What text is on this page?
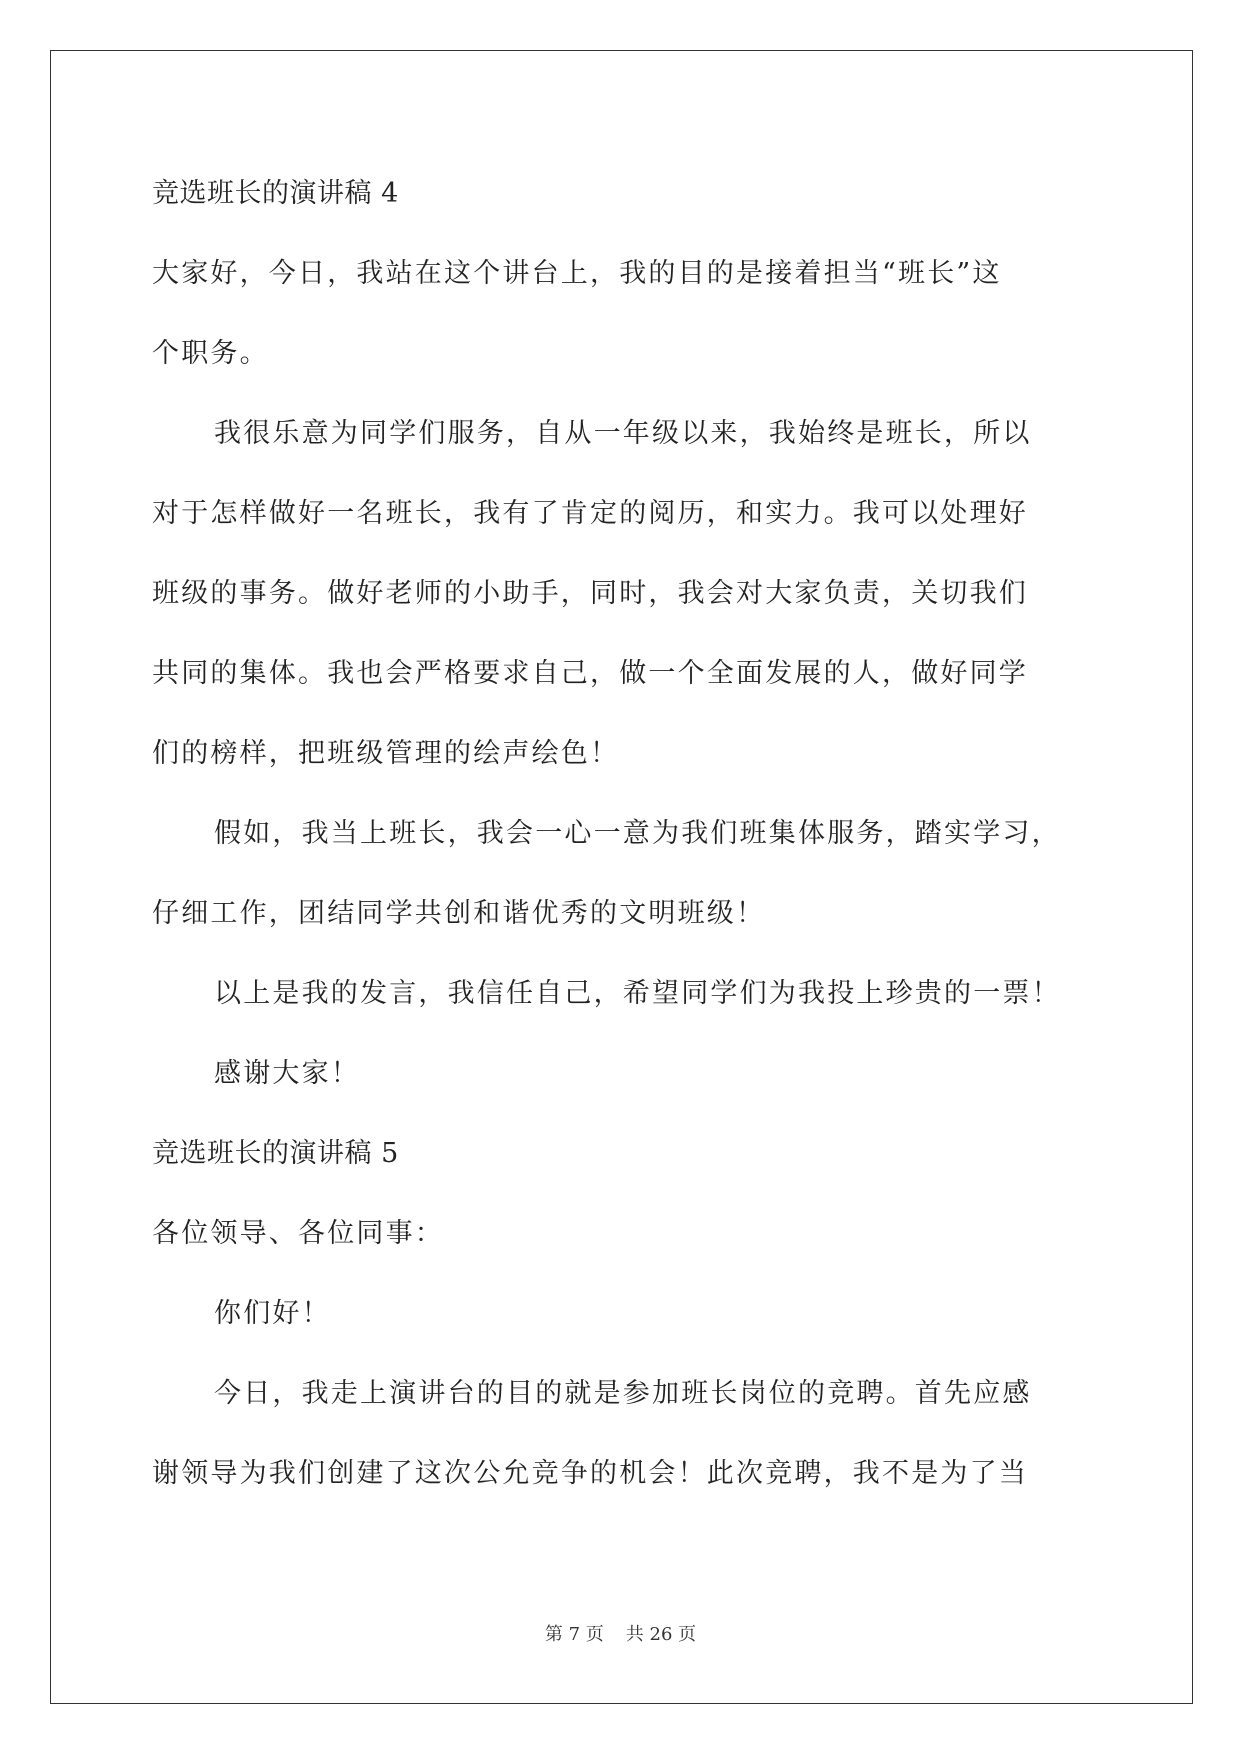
竞选班长的演讲稿 4
大家好，今日，我站在这个讲台上，我的目的是接着担当“班长”这
个职务。
我很乐意为同学们服务，自从一年级以来，我始终是班长，所以
对于怎样做好一名班长，我有了肯定的阅历，和实力。我可以处理好
班级的事务。做好老师的小助手，同时，我会对大家负责，关切我们
共同的集体。我也会严格要求自己，做一个全面发展的人，做好同学
们的榜样，把班级管理的绘声绘色！
假如，我当上班长，我会一心一意为我们班集体服务，踏实学习，
仔细工作，团结同学共创和谐优秀的文明班级！
以上是我的发言，我信任自己，希望同学们为我投上珍贵的一票！
感谢大家！
竞选班长的演讲稿 5
各位领导、各位同事：
你们好！
今日，我走上演讲台的目的就是参加班长岗位的竞聘。首先应感
谢领导为我们创建了这次公允竞争的机会！此次竞聘，我不是为了当
第 7 页 共 26 页
